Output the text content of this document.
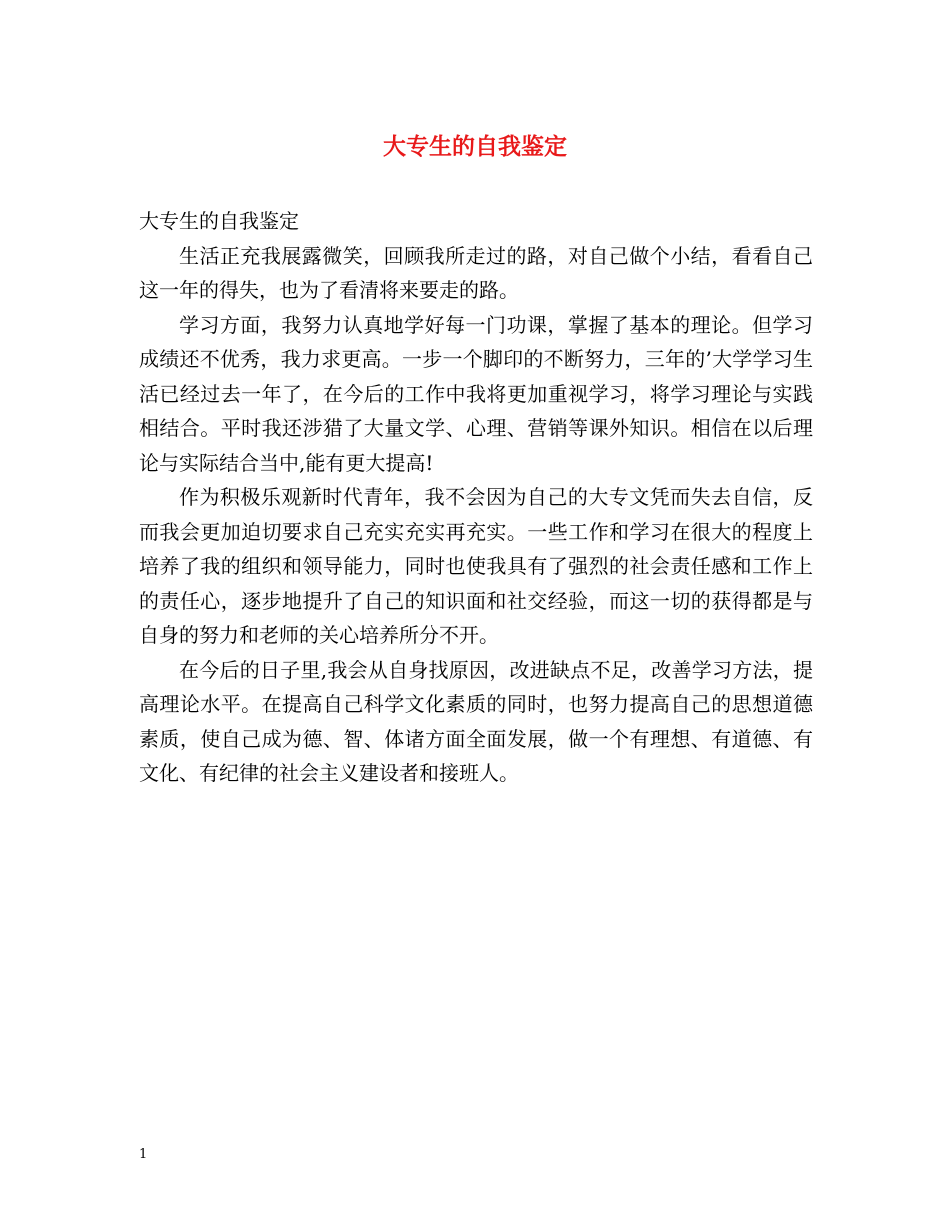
大专生的自我鉴定

大专生的自我鉴定

生活正充我展露微笑，回顾我所走过的路，对自己做个小结，看看自己这一年的得失，也为了看清将来要走的路。

学习方面，我努力认真地学好每一门功课，掌握了基本的理论。但学习成绩还不优秀，我力求更高。一步一个脚印的不断努力，三年的’大学学习生活已经过去一年了，在今后的工作中我将更加重视学习，将学习理论与实践相结合。平时我还涉猎了大量文学、心理、营销等课外知识。相信在以后理论与实际结合当中,能有更大提高!

作为积极乐观新时代青年，我不会因为自己的大专文凭而失去自信，反而我会更加迫切要求自己充实充实再充实。一些工作和学习在很大的程度上培养了我的组织和领导能力，同时也使我具有了强烈的社会责任感和工作上的责任心，逐步地提升了自己的知识面和社交经验，而这一切的获得都是与自身的努力和老师的关心培养所分不开。

在今后的日子里,我会从自身找原因，改进缺点不足，改善学习方法，提高理论水平。在提高自己科学文化素质的同时，也努力提高自己的思想道德素质，使自己成为德、智、体诸方面全面发展，做一个有理想、有道德、有文化、有纪律的社会主义建设者和接班人。

1
